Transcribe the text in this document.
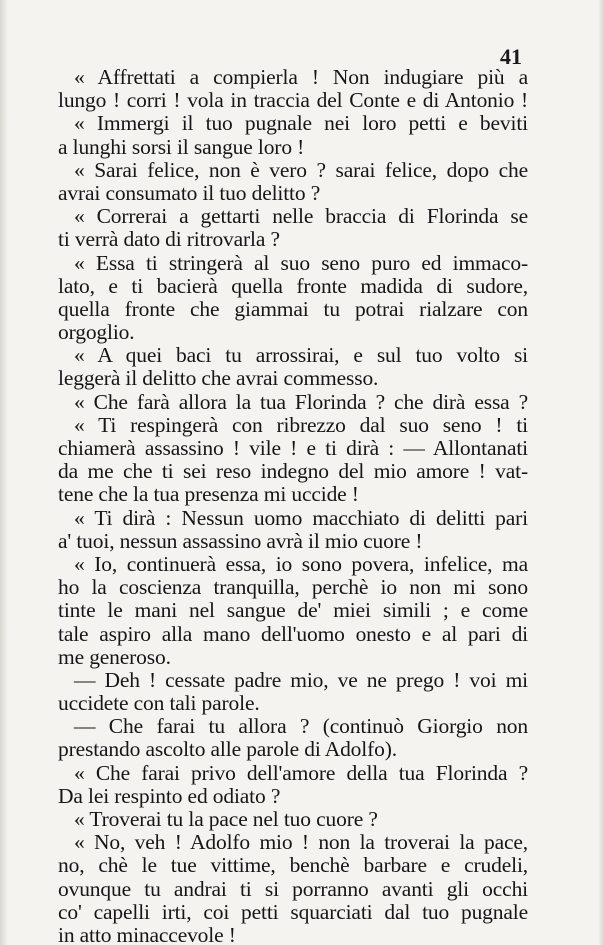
41
« Affrettati a compierla ! Non indugiare più a
lungo ! corri ! vola in traccia del Conte e di Antonio !
« Immergi il tuo pugnale nei loro petti e beviti
a lunghi sorsi il sangue loro !
« Sarai felice, non è vero ? sarai felice, dopo che
avrai consumato il tuo delitto ?
« Correrai a gettarti nelle braccia di Florinda se
ti verrà dato di ritrovarla ?
« Essa ti stringerà al suo seno puro ed immaco-
lato, e ti bacierà quella fronte madida di sudore,
quella fronte che giammai tu potrai rialzare con
orgoglio.
« A quei baci tu arrossirai, e sul tuo volto si
leggerà il delitto che avrai commesso.
« Che farà allora la tua Florinda ? che dirà essa ?
« Ti respingerà con ribrezzo dal suo seno ! ti
chiamerà assassino ! vile ! e ti dirà : — Allontanati
da me che ti sei reso indegno del mio amore ! vat-
tene che la tua presenza mi uccide !
« Ti dirà : Nessun uomo macchiato di delitti pari
a' tuoi, nessun assassino avrà il mio cuore !
« Io, continuerà essa, io sono povera, infelice, ma
ho la coscienza tranquilla, perchè io non mi sono
tinte le mani nel sangue de' miei simili ; e come
tale aspiro alla mano dell'uomo onesto e al pari di
me generoso.
— Deh ! cessate padre mio, ve ne prego ! voi mi
uccidete con tali parole.
— Che farai tu allora ? (continuò Giorgio non
prestando ascolto alle parole di Adolfo).
« Che farai privo dell'amore della tua Florinda ?
Da lei respinto ed odiato ?
« Troverai tu la pace nel tuo cuore ?
« No, veh ! Adolfo mio ! non la troverai la pace,
no, chè le tue vittime, benchè barbare e crudeli,
ovunque tu andrai ti si porranno avanti gli occhi
co' capelli irti, coi petti squarciati dal tuo pugnale
in atto minaccevole !
